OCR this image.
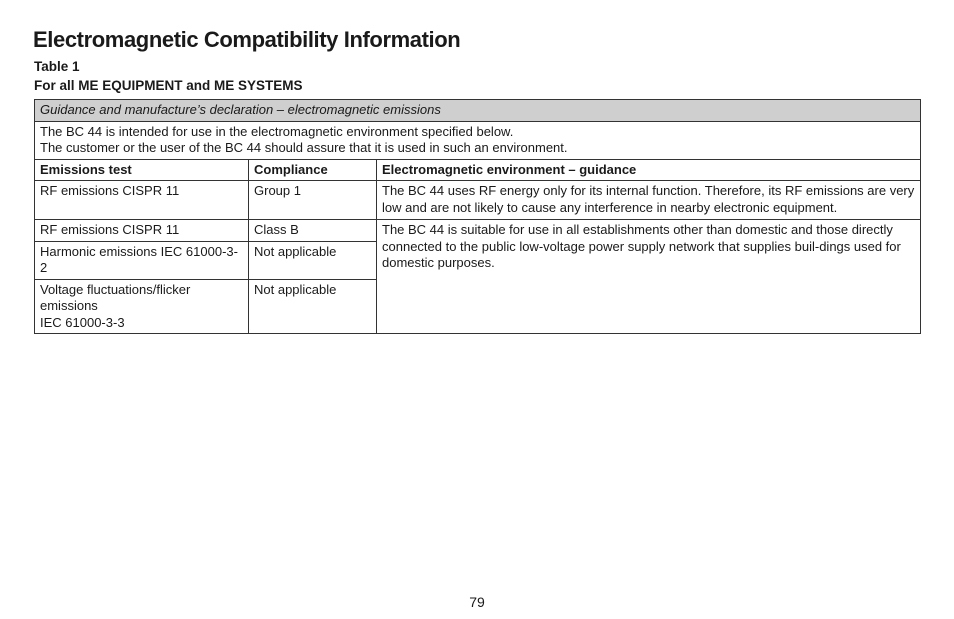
Electromagnetic Compatibility Information
Table 1
For all ME EQUIPMENT and ME SYSTEMS
Guidance and manufacture’s declaration – electromagnetic emissions		

The BC 44 is intended for use in the electromagnetic environment specified below.
The customer or the user of the BC 44 should assure that it is used in such an environment.		

Emissions test	Compliance	Electromagnetic environment – guidance
RF emissions CISPR 11	Group 1	The BC 44 uses RF energy only for its internal function. Therefore, its RF emissions are very low and are not likely to cause any interference in nearby electronic equipment.
RF emissions CISPR 11	Class B	The BC 44 is suitable for use in all establishments other than domestic and those directly connected to the public low-voltage power supply network that supplies buil-dings used for domestic purposes.
Harmonic emissions IEC 61000-3-2	Not applicable	

Voltage fluctuations/flicker emissions
IEC 61000-3-3	Not applicable	
79
